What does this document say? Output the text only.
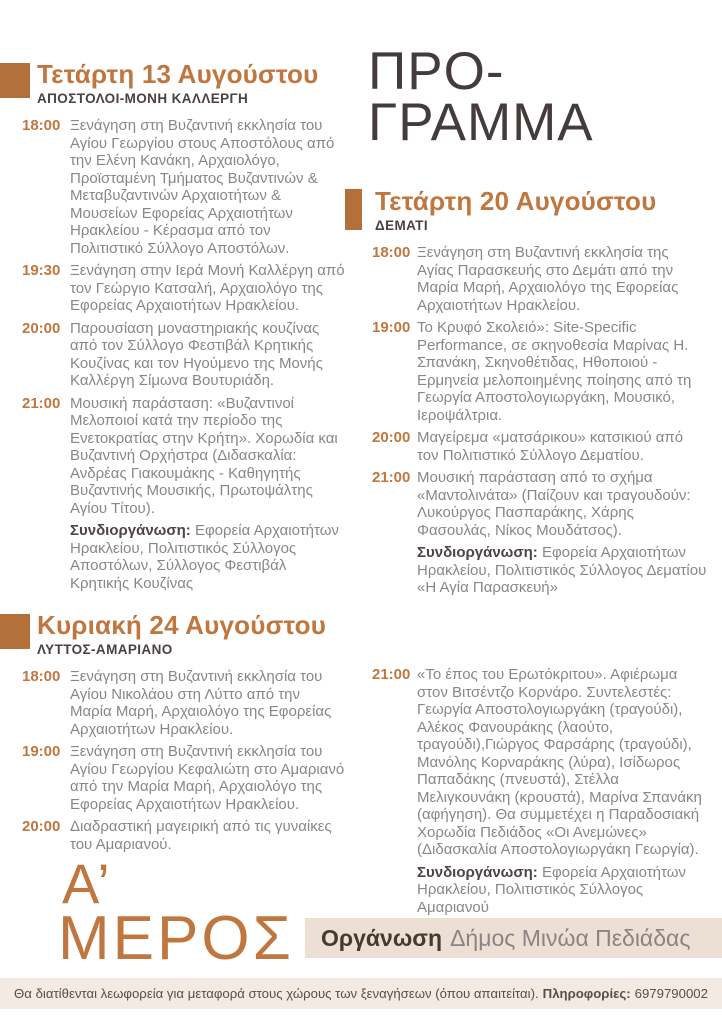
ΠΡΟ-
ΓΡΑΜΜΑ
Τετάρτη 13 Αυγούστου
ΑΠΟΣΤΟΛΟΙ-ΜΟΝΗ ΚΑΛΛΕΡΓΗ
18:00 Ξενάγηση στη Βυζαντινή εκκλησία του Αγίου Γεωργίου στους Αποστόλους από την Ελένη Κανάκη, Αρχαιολόγο, Προϊσταμένη Τμήματος Βυζαντινών & Μεταβυζαντινών Αρχαιοτήτων & Μουσείων Εφορείας Αρχαιοτήτων Ηρακλείου - Κέρασμα από τον Πολιτιστικό Σύλλογο Αποστόλων.

19:30 Ξενάγηση στην Ιερά Μονή Καλλέργη από τον Γεώργιο Κατσαλή, Αρχαιολόγο της Εφορείας Αρχαιοτήτων Ηρακλείου.

20:00 Παρουσίαση μοναστηριακής κουζίνας από τον Σύλλογο Φεστιβάλ Κρητικής Κουζίνας και τον Ηγούμενο της Μονής Καλλέργη Σίμωνα Βουτυριάδη.

21:00 Μουσική παράσταση: «Βυζαντινοί Μελοποιοί κατά την περίοδο της Ενετοκρατίας στην Κρήτη». Χορωδία και Βυζαντινή Ορχήστρα (Διδασκαλία: Ανδρέας Γιακουμάκης - Καθηγητής Βυζαντινής Μουσικής, Πρωτοψάλτης Αγίου Τίτου).

Συνδιοργάνωση: Εφορεία Αρχαιοτήτων Ηρακλείου, Πολιτιστικός Σύλλογος Αποστόλων, Σύλλογος Φεστιβάλ Κρητικής Κουζίνας

Τετάρτη 20 Αυγούστου
ΔΕΜΑΤΙ
18:00 Ξενάγηση στη Βυζαντινή εκκλησία της Αγίας Παρασκευής στο Δεμάτι από την Μαρία Μαρή, Αρχαιολόγο της Εφορείας Αρχαιοτήτων Ηρακλείου.

19:00 Το Κρυφό Σκολειό»: Site-Specific Performance, σε σκηνοθεσία Μαρίνας Η. Σπανάκη, Σκηνοθέτιδας, Ηθοποιού - Ερμηνεία μελοποιημένης ποίησης από τη Γεωργία Αποστολογιωργάκη, Μουσικό, Ιεροψάλτρια.

20:00 Μαγείρεμα «ματσάρικου» κατσικιού από τον Πολιτιστικό Σύλλογο Δεματίου.

21:00 Μουσική παράσταση από το σχήμα «Μαντολινάτα» (Παίζουν και τραγουδούν: Λυκούργος Πασπαράκης, Χάρης Φασουλάς, Νίκος Μουδάτσος).

Συνδιοργάνωση: Εφορεία Αρχαιοτήτων Ηρακλείου, Πολιτιστικός Σύλλογος Δεματίου «Η Αγία Παρασκευή»

Κυριακή 24 Αυγούστου
ΛΥΤΤΟΣ-ΑΜΑΡΙΑΝΟ
18:00 Ξενάγηση στη Βυζαντινή εκκλησία του Αγίου Νικολάου στη Λύττο από την Μαρία Μαρή, Αρχαιολόγο της Εφορείας Αρχαιοτήτων Ηρακλείου.

19:00 Ξενάγηση στη Βυζαντινή εκκλησία του Αγίου Γεωργίου Κεφαλιώτη στο Αμαριανό από την Μαρία Μαρή, Αρχαιολόγο της Εφορείας Αρχαιοτήτων Ηρακλείου.

20:00 Διαδραστική μαγειρική από τις γυναίκες του Αμαριανού.

21:00 «Το έπος του Ερωτόκριτου». Αφιέρωμα στον Βιτσέντζο Κορνάρο. Συντελεστές: Γεωργία Αποστολογιωργάκη (τραγούδι), Αλέκος Φανουράκης (λαούτο, τραγούδι),Γιώργος Φαρσάρης (τραγούδι), Μανόλης Κορναράκης (λύρα), Ισίδωρος Παπαδάκης (πνευστά), Στέλλα Μελιγκουνάκη (κρουστά), Μαρίνα Σπανάκη (αφήγηση). Θα συμμετέχει η Παραδοσιακή Χορωδία Πεδιάδος «Οι Ανεμώνες» (Διδασκαλία Αποστολογιωργάκη Γεωργία).

Συνδιοργάνωση: Εφορεία Αρχαιοτήτων Ηρακλείου, Πολιτιστικός Σύλλογος Αμαριανού

Α’
ΜΕΡΟΣ Οργάνωση Δήμος Μινώα Πεδιάδας
Θα διατίθενται λεωφορεία για μεταφορά στους χώρους των ξεναγήσεων (όπου απαιτείται). Πληροφορίες: 6979790002
